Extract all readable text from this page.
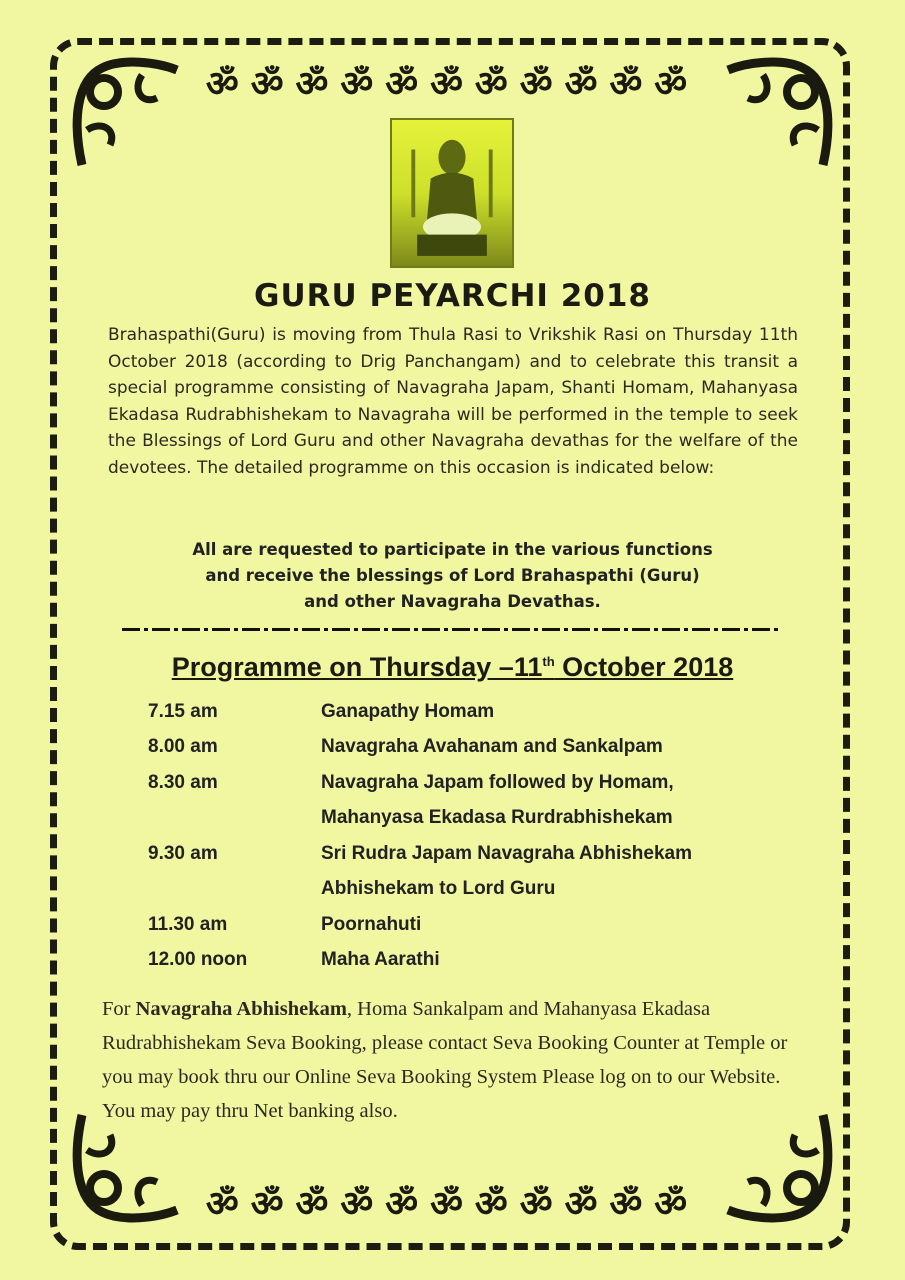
ॐॐॐॐॐॐॐॐॐॐॐ
ॐॐॐॐॐॐॐॐॐॐॐ
GURU PEYARCHI 2018
Brahaspathi(Guru) is moving from Thula Rasi to Vrikshik Rasi on Thursday 11th October 2018 (according to Drig Panchangam) and to celebrate this transit a special programme consisting of Navagraha Japam, Shanti Homam, Mahanyasa Ekadasa Rudrabhishekam to Navagraha will be performed in the temple to seek the Blessings of Lord Guru and other Navagraha devathas for the welfare of the devotees. The detailed programme on this occasion is indicated below:
All are requested to participate in the various functions
and receive the blessings of Lord Brahaspathi (Guru)
and other Navagraha Devathas.
Programme on Thursday –11th October 2018
7.15 am	Ganapathy Homam
8.00 am	Navagraha Avahanam and Sankalpam
8.30 am	Navagraha Japam followed by Homam,
Mahanyasa Ekadasa Rurdrabhishekam
9.30 am	Sri Rudra Japam Navagraha Abhishekam
Abhishekam to Lord Guru
11.30 am	Poornahuti
12.00 noon	Maha Aarathi
For Navagraha Abhishekam, Homa Sankalpam and Mahanyasa Ekadasa Rudrabhishekam Seva Booking, please contact Seva Booking Counter at Temple or you may book thru our Online Seva Booking System Please log on to our Website. You may pay thru Net banking also.
